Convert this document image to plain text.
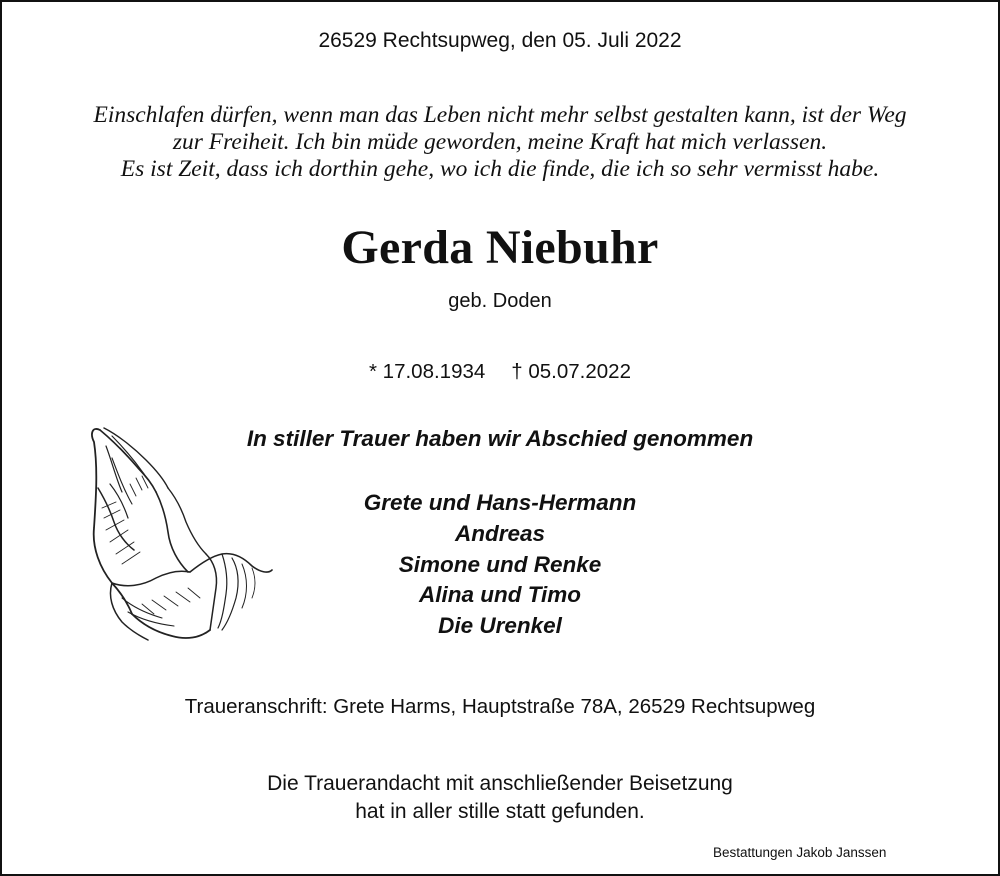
26529 Rechtsupweg, den 05. Juli 2022
Einschlafen dürfen, wenn man das Leben nicht mehr selbst gestalten kann, ist der Weg
zur Freiheit. Ich bin müde geworden, meine Kraft hat mich verlassen.
Es ist Zeit, dass ich dorthin gehe, wo ich die finde, die ich so sehr vermisst habe.
Gerda Niebuhr
geb. Doden
* 17.08.1934 † 05.07.2022
In stiller Trauer haben wir Abschied genommen
Grete und Hans-Hermann
Andreas
Simone und Renke
Alina und Timo
Die Urenkel
Traueranschrift: Grete Harms, Hauptstraße 78A, 26529 Rechtsupweg
Die Trauerandacht mit anschließender Beisetzung
hat in aller stille statt gefunden.
Bestattungen Jakob Janssen
